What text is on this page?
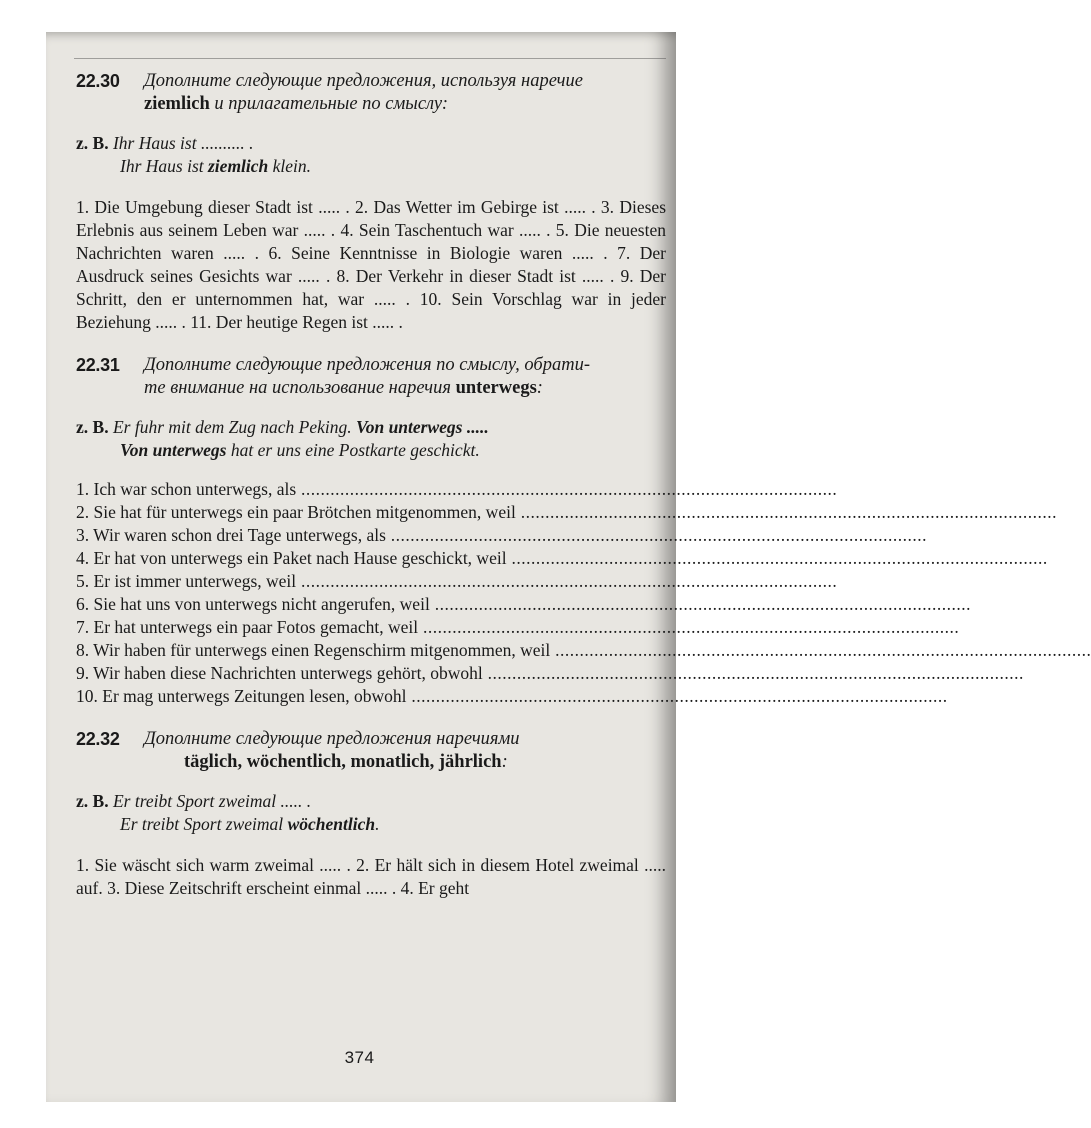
22.30	Дополните следующие предложения, используя наречие
ziemlich и прилагательные по смыслу:
z. B. Ihr Haus ist .......... .
Ihr Haus ist ziemlich klein.
1. Die Umgebung dieser Stadt ist ..... . 2. Das Wetter im Gebirge ist ..... . 3. Dieses Erlebnis aus seinem Leben war ..... . 4. Sein Taschentuch war ..... . 5. Die neuesten Nachrichten waren ..... . 6. Seine Kenntnisse in Biologie waren ..... . 7. Der Ausdruck seines Gesichts war ..... . 8. Der Verkehr in dieser Stadt ist ..... . 9. Der Schritt, den er unternommen hat, war ..... . 10. Sein Vorschlag war in jeder Beziehung ..... . 11. Der heutige Regen ist ..... .
22.31	Дополните следующие предложения по смыслу, обрати-
те внимание на использование наречия unterwegs:
z. B. Er fuhr mit dem Zug nach Peking. Von unterwegs .....
Von unterwegs hat er uns eine Postkarte geschickt.
1. Ich war schon unterwegs, als ..............................................................................................................
2. Sie hat für unterwegs ein paar Brötchen mitgenommen, weil ..............................................................................................................
3. Wir waren schon drei Tage unterwegs, als ..............................................................................................................
4. Er hat von unterwegs ein Paket nach Hause geschickt, weil ..............................................................................................................
5. Er ist immer unterwegs, weil ..............................................................................................................
6. Sie hat uns von unterwegs nicht angerufen, weil ..............................................................................................................
7. Er hat unterwegs ein paar Fotos gemacht, weil ..............................................................................................................
8. Wir haben für unterwegs einen Regenschirm mitgenommen, weil ..............................................................................................................
9. Wir haben diese Nachrichten unterwegs gehört, obwohl ..............................................................................................................
10. Er mag unterwegs Zeitungen lesen, obwohl ..............................................................................................................
22.32	Дополните следующие предложения наречиями
täglich, wöchentlich, monatlich, jährlich:
z. B. Er treibt Sport zweimal ..... .
Er treibt Sport zweimal wöchentlich.
1. Sie wäscht sich warm zweimal ..... . 2. Er hält sich in diesem Hotel zweimal ..... auf. 3. Diese Zeitschrift erscheint einmal ..... . 4. Er geht
374
